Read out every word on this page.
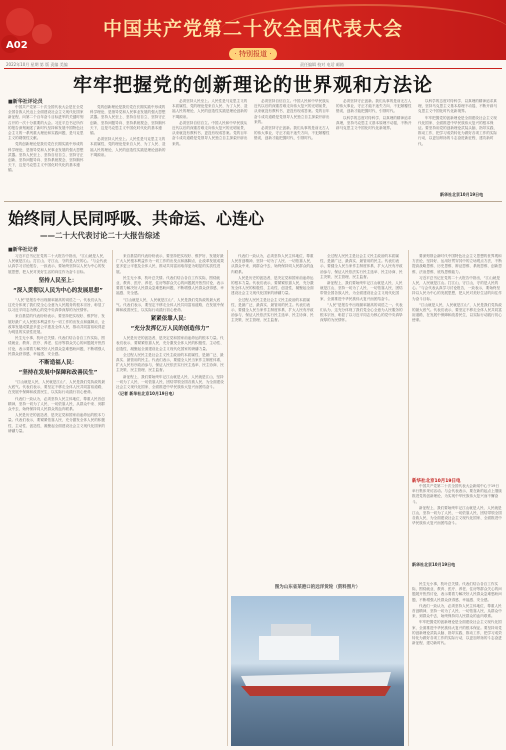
中国共产党第二十次全国代表大会
· 特别报道 ·
A02
2022年10月 星期 第 版 责编 美编	责任编辑 校对 电话 邮箱
牢牢把握党的创新理论的世界观和方法论
■新华社评论员

中国共产党第二十次全国代表大会是在全党全国各族人民迈上全面建设社会主义现代化国家新征程、向第二个百年奋斗目标进军的关键时刻召开的一次十分重要的大会。习近平总书记所作的报告深刻阐述了新时代坚持和发展中国特色社会主义的一系列重大理论和实践问题，是马克思主义的纲领性文献。

党的创新理论是我们党在长期实践中形成的科学理论，是指导党和人民事业发展的强大思想武器。坚持人民至上、坚持自信自立、坚持守正创新、坚持问题导向、坚持系统观念、坚持胸怀天下，这是马克思主义中国化时代化的基本遵循。

党的创新理论是我们党在长期实践中形成的科学理论，是指导党和人民事业发展的强大思想武器。坚持人民至上、坚持自信自立、坚持守正创新、坚持问题导向、坚持系统观念、坚持胸怀天下，这是马克思主义中国化时代化的基本遵循。

必须坚持人民至上。人民性是马克思主义的本质属性，党的理论是来自人民、为了人民、造福人民的理论，人民的创造性实践是理论创新的不竭源泉。

必须坚持人民至上。人民性是马克思主义的本质属性，党的理论是来自人民、为了人民、造福人民的理论，人民的创造性实践是理论创新的不竭源泉。

必须坚持自信自立。中国人民和中华民族从近代以后的深重苦难走向伟大复兴的光明前景，从来就没有教科书，更没有现成答案。党的百年奋斗成功道路是党领导人民独立自主探索开辟出来的。

必须坚持自信自立。中国人民和中华民族从近代以后的深重苦难走向伟大复兴的光明前景，从来就没有教科书，更没有现成答案。党的百年奋斗成功道路是党领导人民独立自主探索开辟出来的。

必须坚持守正创新。我们从事的是前无古人的伟大事业，守正才能不迷失方向、不犯颠覆性错误，创新才能把握时代、引领时代。

必须坚持守正创新。我们从事的是前无古人的伟大事业，守正才能不迷失方向、不犯颠覆性错误，创新才能把握时代、引领时代。

以科学的态度对待科学、以真理的精神追求真理，坚持马克思主义基本原理不动摇，不断开辟马克思主义中国化时代化新境界。

以科学的态度对待科学、以真理的精神追求真理，坚持马克思主义基本原理不动摇，不断开辟马克思主义中国化时代化新境界。

牢牢把握党的创新理论是全面建设社会主义现代化国家、全面推进中华民族伟大复兴的根本保证。要坚持用党的创新理论武装头脑、指导实践、推动工作，把学习成效转化为做好各项工作的实际行动，以更加昂扬的斗志奋进新征程、建功新时代。

新华社北京10月19日电
始终同人民同呼吸、共命运、心连心
——二十大代表讨论二十大报告综述
■新华社记者

习近平总书记在党的二十大报告中指出，“江山就是人民，人民就是江山。打江山、守江山，守的是人民的心。”与会代表认真学习讨论报告，一致表示，要始终坚持以人民为中心的发展思想，把人民对美好生活的向往作为奋斗目标。

坚持人民至上：
“深入贯彻以人民为中心的发展思想”

“人民”是报告中出现频率最高的词语之一。代表们认为，这充分体现了我们党全心全意为人民服务的根本宗旨，彰显了以习近平同志为核心的党中央真挚深厚的为民情怀。

来自基层的代表纷纷表示，要坚持把实现好、维护好、发展好最广大人民根本利益作为一切工作的出发点和落脚点，让改革发展成果更多更公平惠及全体人民，推动共同富裕取得更为明显的实质性进展。

民生无小事，枝叶总关情。代表们结合各自工作实际，围绕就业、教育、医疗、养老、住房等群众关心的问题展开热烈讨论，表示要着力解决好人民群众急难愁盼问题，不断增强人民群众获得感、幸福感、安全感。

不断造福人民：
“坚持在发展中保障和改善民生”

“江山就是人民，人民就是江山”，人民是我们党执政的最大底气。代表们表示，要坚定不移走全体人民共同富裕道路，在发展中保障和改善民生，以实际行动践行初心使命。

代表们一致认为，必须坚持人民主体地位，尊重人民首创精神，坚持一切为了人民、一切依靠人民，从群众中来、到群众中去，始终保持同人民群众的血肉联系。

人民是历史的创造者，是决定党和国家前途命运的根本力量。代表们表示，要紧紧依靠人民，充分激发全体人民的积极性、主动性、创造性，凝聚起全面建设社会主义现代化国家的磅礴力量。

来自基层的代表纷纷表示，要坚持把实现好、维护好、发展好最广大人民根本利益作为一切工作的出发点和落脚点，让改革发展成果更多更公平惠及全体人民，推动共同富裕取得更为明显的实质性进展。

民生无小事，枝叶总关情。代表们结合各自工作实际，围绕就业、教育、医疗、养老、住房等群众关心的问题展开热烈讨论，表示要着力解决好人民群众急难愁盼问题，不断增强人民群众获得感、幸福感、安全感。

“江山就是人民，人民就是江山”，人民是我们党执政的最大底气。代表们表示，要坚定不移走全体人民共同富裕道路，在发展中保障和改善民生，以实际行动践行初心使命。

紧紧依靠人民：
“充分发挥亿万人民的创造伟力”

人民是历史的创造者，是决定党和国家前途命运的根本力量。代表们表示，要紧紧依靠人民，充分激发全体人民的积极性、主动性、创造性，凝聚起全面建设社会主义现代化国家的磅礴力量。

全过程人民民主是社会主义民主政治的本质属性，是最广泛、最真实、最管用的民主。代表们表示，要健全人民当家作主制度体系，扩大人民有序政治参与，保证人民依法实行民主选举、民主协商、民主决策、民主管理、民主监督。

新征程上，我们要始终牢记江山就是人民、人民就是江山，坚持一切为了人民、一切依靠人民，团结带领全国各族人民，为全面建设社会主义现代化国家、全面推进中华民族伟大复兴而团结奋斗。

（记者 新华社北京10月19日电）

代表们一致认为，必须坚持人民主体地位，尊重人民首创精神，坚持一切为了人民、一切依靠人民，从群众中来、到群众中去，始终保持同人民群众的血肉联系。

人民是历史的创造者，是决定党和国家前途命运的根本力量。代表们表示，要紧紧依靠人民，充分激发全体人民的积极性、主动性、创造性，凝聚起全面建设社会主义现代化国家的磅礴力量。

全过程人民民主是社会主义民主政治的本质属性，是最广泛、最真实、最管用的民主。代表们表示，要健全人民当家作主制度体系，扩大人民有序政治参与，保证人民依法实行民主选举、民主协商、民主决策、民主管理、民主监督。

全过程人民民主是社会主义民主政治的本质属性，是最广泛、最真实、最管用的民主。代表们表示，要健全人民当家作主制度体系，扩大人民有序政治参与，保证人民依法实行民主选举、民主协商、民主决策、民主管理、民主监督。

新征程上，我们要始终牢记江山就是人民、人民就是江山，坚持一切为了人民、一切依靠人民，团结带领全国各族人民，为全面建设社会主义现代化国家、全面推进中华民族伟大复兴而团结奋斗。

“人民”是报告中出现频率最高的词语之一。代表们认为，这充分体现了我们党全心全意为人民服务的根本宗旨，彰显了以习近平同志为核心的党中央真挚深厚的为民情怀。

要深刻领会新时代中国特色社会主义思想的世界观和方法论，坚持好、运用好贯穿其中的立场观点方法，不断提高战略思维、历史思维、辩证思维、系统思维、创新思维、法治思维、底线思维能力。

习近平总书记在党的二十大报告中指出，“江山就是人民，人民就是江山。打江山、守江山，守的是人民的心。”与会代表认真学习讨论报告，一致表示，要始终坚持以人民为中心的发展思想，把人民对美好生活的向往作为奋斗目标。

“江山就是人民，人民就是江山”，人民是我们党执政的最大底气。代表们表示，要坚定不移走全体人民共同富裕道路，在发展中保障和改善民生，以实际行动践行初心使命。

新华社北京10月19日电

中国共产党第二十次全国代表大会新闻中心于19日举行集体采访活动。与会代表表示，要在新的起点上继续推进党的创新理论，为实现中华民族伟大复兴而不懈奋斗。

新征程上，我们要始终牢记江山就是人民、人民就是江山，坚持一切为了人民、一切依靠人民，团结带领全国各族人民，为全面建设社会主义现代化国家、全面推进中华民族伟大复兴而团结奋斗。

新华社北京10月19日电

民生无小事，枝叶总关情。代表们结合各自工作实际，围绕就业、教育、医疗、养老、住房等群众关心的问题展开热烈讨论，表示要着力解决好人民群众急难愁盼问题，不断增强人民群众获得感、幸福感、安全感。

代表们一致认为，必须坚持人民主体地位，尊重人民首创精神，坚持一切为了人民、一切依靠人民，从群众中来、到群众中去，始终保持同人民群众的血肉联系。

牢牢把握党的创新理论是全面建设社会主义现代化国家、全面推进中华民族伟大复兴的根本保证。要坚持用党的创新理论武装头脑、指导实践、推动工作，把学习成效转化为做好各项工作的实际行动，以更加昂扬的斗志奋进新征程、建功新时代。

图为山东省某港口的远洋货轮（资料照片）
